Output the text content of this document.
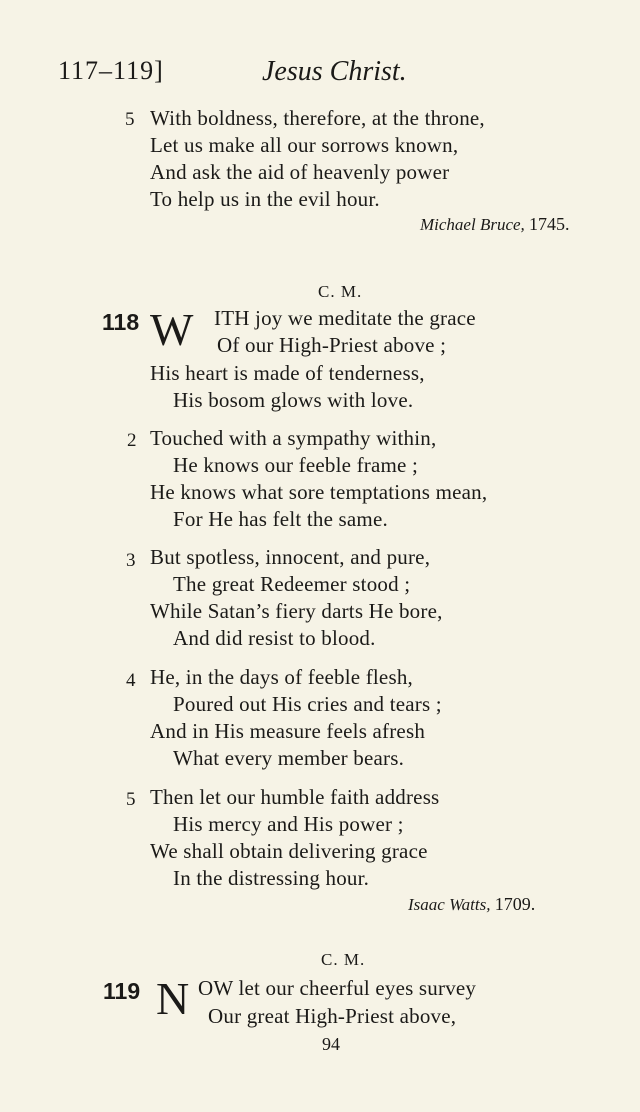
117–119]	Jesus Christ.
5 With boldness, therefore, at the throne,
Let us make all our sorrows known,
And ask the aid of heavenly power
To help us in the evil hour.
Michael Bruce, 1745.
C. M.
118 W ITH joy we meditate the grace
Of our High-Priest above ;
His heart is made of tenderness,
His bosom glows with love.
2 Touched with a sympathy within,
He knows our feeble frame ;
He knows what sore temptations mean,
For He has felt the same.
3 But spotless, innocent, and pure,
The great Redeemer stood ;
While Satan’s fiery darts He bore,
And did resist to blood.
4 He, in the days of feeble flesh,
Poured out His cries and tears ;
And in His measure feels afresh
What every member bears.
5 Then let our humble faith address
His mercy and His power ;
We shall obtain delivering grace
In the distressing hour.
Isaac Watts, 1709.
C. M.
119 N OW let our cheerful eyes survey
Our great High-Priest above,
94
